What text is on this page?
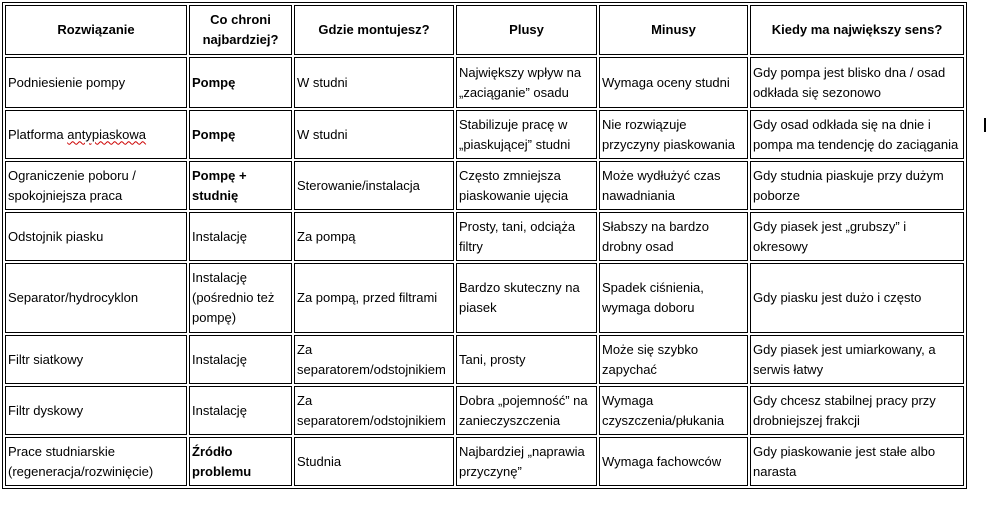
Rozwiązanie	Co chroni najbardziej?	Gdzie montujesz?	Plusy	Minusy	Kiedy ma największy sens?
Podniesienie pompy	Pompę	W studni	Największy wpływ na „zaciąganie” osadu	Wymaga oceny studni	Gdy pompa jest blisko dna / osad odkłada się sezonowo
Platforma antypiaskowa	Pompę	W studni	Stabilizuje pracę w „piaskującej” studni	Nie rozwiązuje przyczyny piaskowania	Gdy osad odkłada się na dnie i pompa ma tendencję do zaciągania
Ograniczenie poboru / spokojniejsza praca	Pompę + studnię	Sterowanie/instalacja	Często zmniejsza piaskowanie ujęcia	Może wydłużyć czas nawadniania	Gdy studnia piaskuje przy dużym poborze
Odstojnik piasku	Instalację	Za pompą	Prosty, tani, odciąża filtry	Słabszy na bardzo drobny osad	Gdy piasek jest „grubszy” i okresowy
Separator/hydrocyklon	Instalację (pośrednio też pompę)	Za pompą, przed filtrami	Bardzo skuteczny na piasek	Spadek ciśnienia, wymaga doboru	Gdy piasku jest dużo i często
Filtr siatkowy	Instalację	Za separatorem/odstojnikiem	Tani, prosty	Może się szybko zapychać	Gdy piasek jest umiarkowany, a serwis łatwy
Filtr dyskowy	Instalację	Za separatorem/odstojnikiem	Dobra „pojemność” na zanieczyszczenia	Wymaga czyszczenia/płukania	Gdy chcesz stabilnej pracy przy drobniejszej frakcji
Prace studniarskie (regeneracja/rozwinięcie)	Źródło problemu	Studnia	Najbardziej „naprawia przyczynę”	Wymaga fachowców	Gdy piaskowanie jest stałe albo narasta
